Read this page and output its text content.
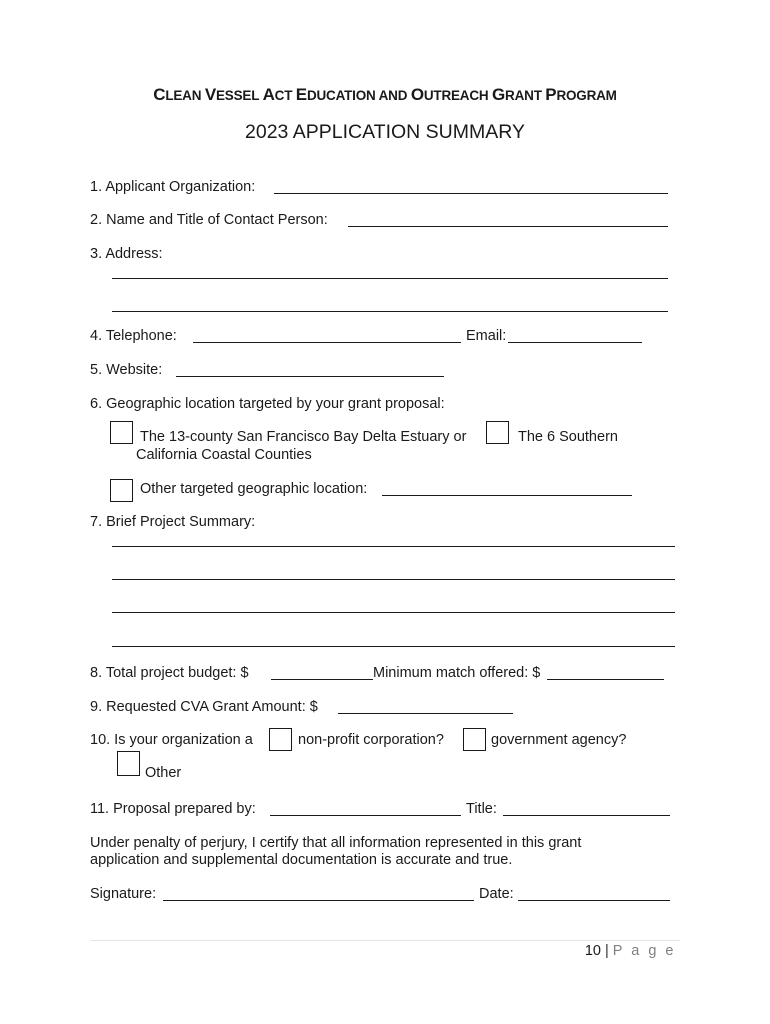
CLEAN VESSEL ACT EDUCATION AND OUTREACH GRANT PROGRAM
2023 APPLICATION SUMMARY
1. Applicant Organization:
2. Name and Title of Contact Person:
3. Address:
4. Telephone:	Email:
5. Website:
6. Geographic location targeted by your grant proposal:
The 13-county San Francisco Bay Delta Estuary or	The 6 Southern
California Coastal Counties
Other targeted geographic location:
7. Brief Project Summary:
8. Total project budget: $	Minimum match offered: $
9. Requested CVA Grant Amount: $
10. Is your organization a	non-profit corporation?	government agency?
Other
11. Proposal prepared by:	Title:
Under penalty of perjury, I certify that all information represented in this grant
application and supplemental documentation is accurate and true.
Signature:	Date:
10 | P a g e
